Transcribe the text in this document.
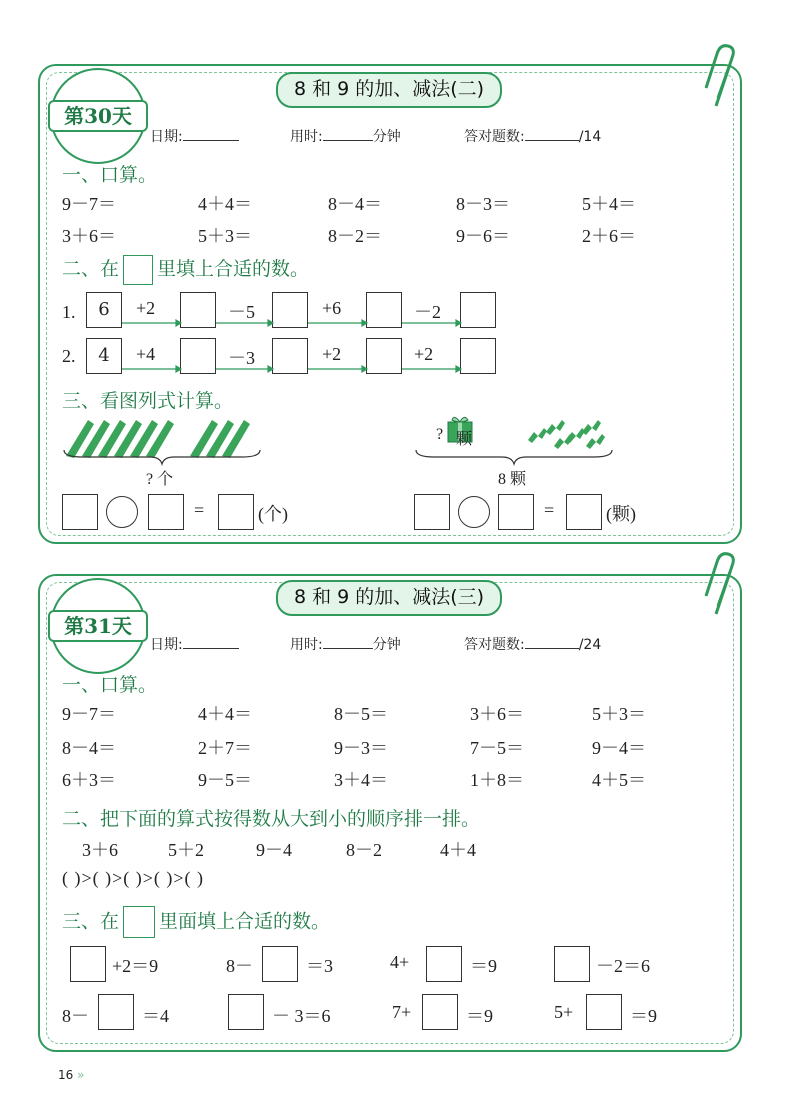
第30天
8 和 9 的加、减法(二)
日期:	用时:	分钟	答对题数:	/14
一、口算。
9－7＝	4＋4＝	8－4＝	8－3＝	5＋4＝
3＋6＝	5＋3＝	8－2＝	9－6＝	2＋6＝
二、在 里填上合适的数。
1.	6	+2	－5	+6	－2
2.	4	+4	－3	+2	+2
三、看图列式计算。
? 个
? 颗
8 颗
=	(个)	=	(颗)
第31天
8 和 9 的加、减法(三)
日期:	用时:	分钟	答对题数:	/24
一、口算。
9－7＝	4＋4＝	8－5＝	3＋6＝	5＋3＝
8－4＝	2＋7＝	9－3＝	7－5＝	9－4＝
6＋3＝	9－5＝	3＋4＝	1＋8＝	4＋5＝
二、把下面的算式按得数从大到小的顺序排一排。
3＋6	5＋2	9－4	8－2	4＋4
( )>( )>( )>( )>( )
三、在 里面填上合适的数。
+2＝9	8－	＝3	4+	＝9	－2＝6
8－	＝4	－ 3＝6	7+	＝9	5+	＝9
16 »
